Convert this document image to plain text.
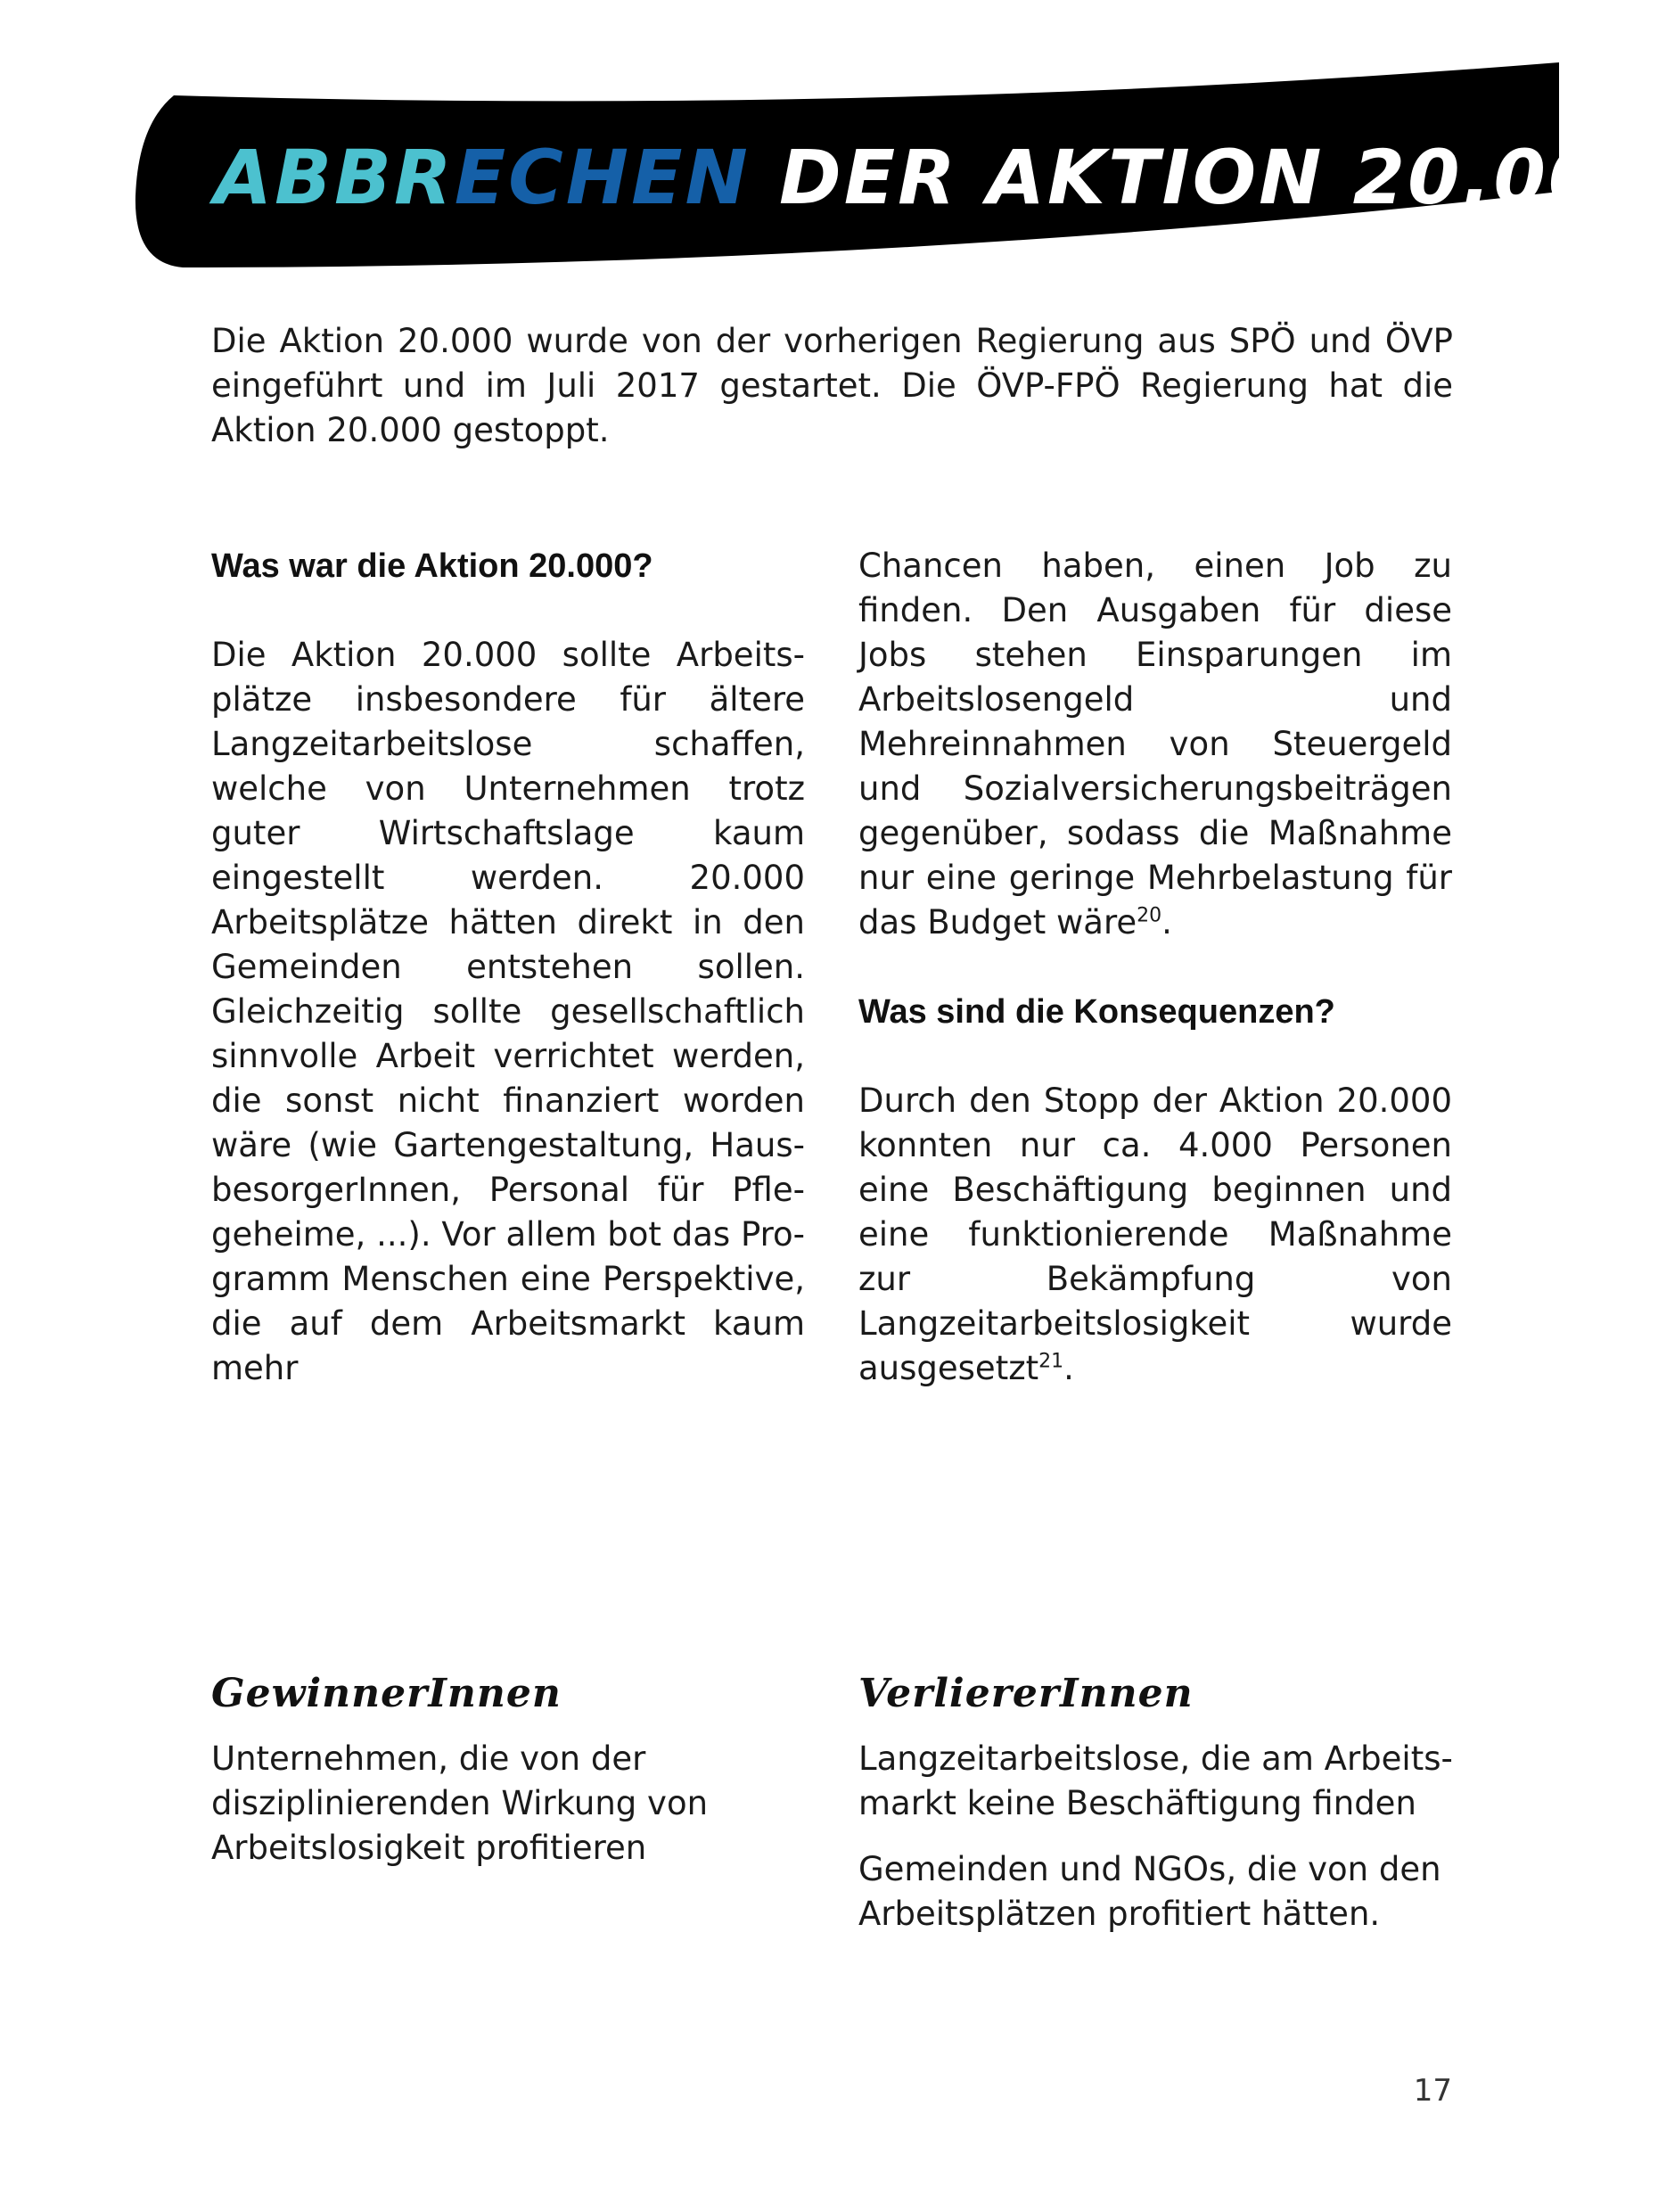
ABBRECHEN DER AKTION 20.000

Die Aktion 20.000 wurde von der vorherigen Regierung aus SPÖ und ÖVP eingeführt und im Juli 2017 gestartet. Die ÖVP-FPÖ Regierung hat die Aktion 20.000 gestoppt.

Was war die Aktion 20.000?

Die Aktion 20.000 sollte Arbeitsplätze insbesondere für ältere Langzeitarbeitslose schaffen, welche von Unternehmen trotz guter Wirtschaftslage kaum eingestellt werden. 20.000 Arbeitsplätze hätten direkt in den Gemeinden entstehen sollen. Gleichzeitig sollte gesellschaftlich sinnvolle Arbeit verrichtet werden, die sonst nicht finanziert worden wäre (wie Gartengestaltung, HausbesorgerInnen, Personal für Pflegeheime, ...). Vor allem bot das Programm Menschen eine Perspektive, die auf dem Arbeitsmarkt kaum mehr

Chancen haben, einen Job zu finden. Den Ausgaben für diese Jobs stehen Einsparungen im Arbeitslosengeld und Mehreinnahmen von Steuergeld und Sozialversicherungsbeiträgen gegenüber, sodass die Maßnahme nur eine geringe Mehrbelastung für das Budget wäre$^{20}$.

Was sind die Konsequenzen?

Durch den Stopp der Aktion 20.000 konnten nur ca. 4.000 Personen eine Beschäftigung beginnen und eine funktionierende Maßnahme zur Bekämpfung von Langzeitarbeitslosigkeit wurde ausgesetzt$^{21}$.

GewinnerInnen

Unternehmen, die von der disziplinierenden Wirkung von Arbeitslosigkeit profitieren

VerliererInnen

Langzeitarbeitslose, die am Arbeitsmarkt keine Beschäftigung finden

Gemeinden und NGOs, die von den Arbeitsplätzen profitiert hätten.

17
